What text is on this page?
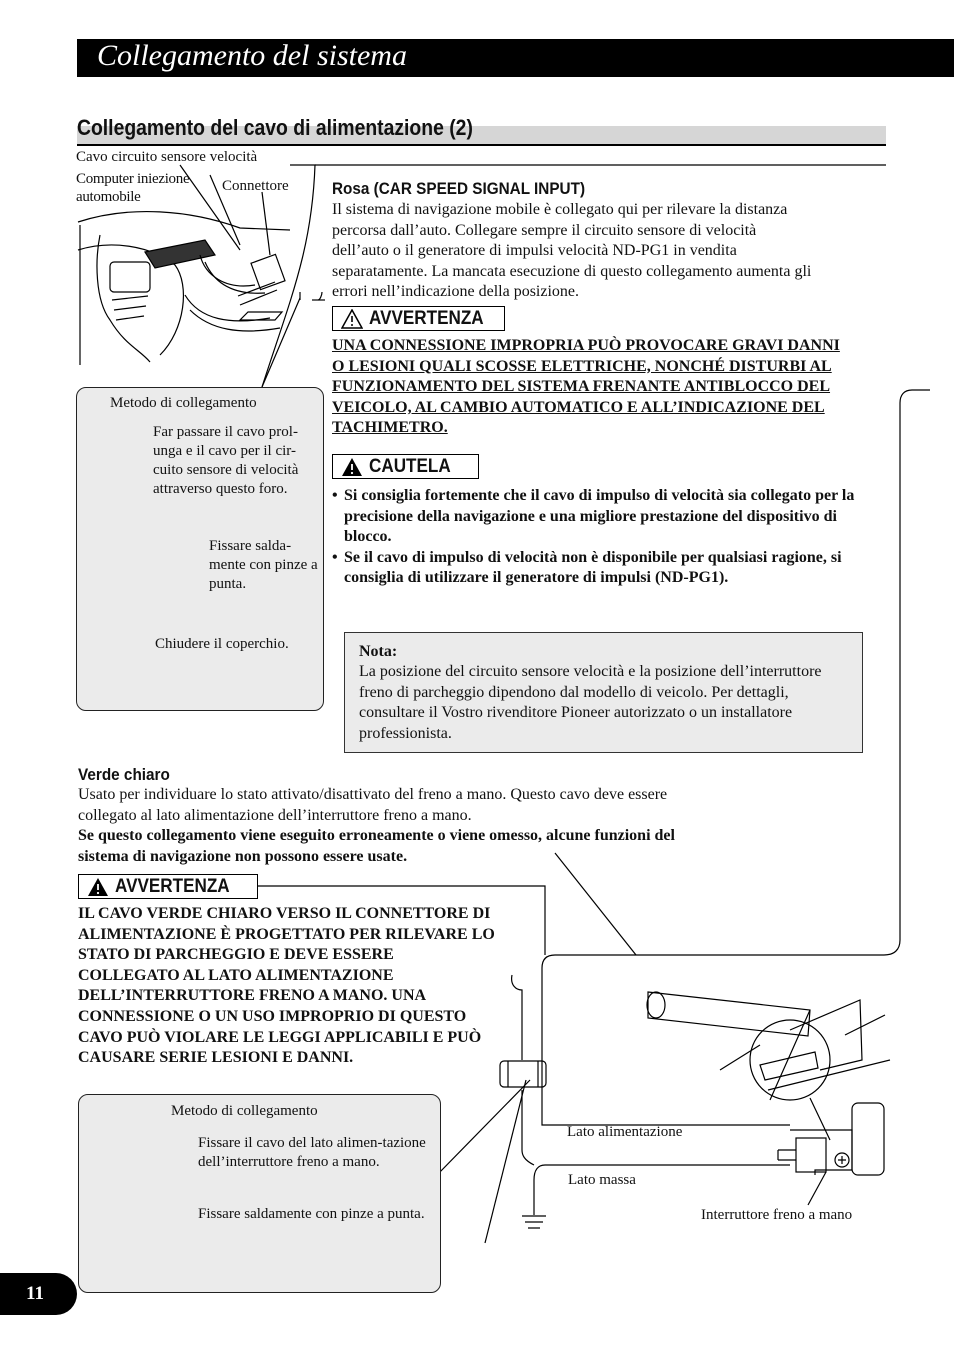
Collegamento del sistema
Collegamento del cavo di alimentazione (2)
Cavo circuito sensore velocità
Computer iniezione automobile
Connettore
Metodo di collegamento
Far passare il cavo prol-unga e il cavo per il cir-cuito sensore di velocità attraverso questo foro.
Fissare salda-mente con pinze a punta.
Chiudere il coperchio.
Rosa (CAR SPEED SIGNAL INPUT)
Il sistema di navigazione mobile è collegato qui per rilevare la distanza percorsa dall’auto. Collegare sempre il circuito sensore di velocità dell’auto o il generatore di impulsi velocità ND-PG1 in vendita separatamente. La mancata esecuzione di questo collegamento aumenta gli errori nell’indicazione della posizione.
AVVERTENZA
UNA CONNESSIONE IMPROPRIA PUÒ PROVOCARE GRAVI DANNI O LESIONI QUALI SCOSSE ELETTRICHE, NONCHÉ DISTURBI AL FUNZIONAMENTO DEL SISTEMA FRENANTE ANTIBLOCCO DEL VEICOLO, AL CAMBIO AUTOMATICO E ALL’INDICAZIONE DEL TACHIMETRO.
CAUTELA
• Si consiglia fortemente che il cavo di impulso di velocità sia collegato per la precisione della navigazione e una migliore prestazione del dispositivo di blocco.
• Se il cavo di impulso di velocità non è disponibile per qualsiasi ragione, si consiglia di utilizzare il generatore di impulsi (ND-PG1).
Nota:
La posizione del circuito sensore velocità e la posizione dell’interruttore freno di parcheggio dipendono dal modello di veicolo. Per dettagli, consultare il Vostro rivenditore Pioneer autorizzato o un installatore professionista.
Verde chiaro
Usato per individuare lo stato attivato/disattivato del freno a mano. Questo cavo deve essere collegato al lato alimentazione dell’interruttore freno a mano.
Se questo collegamento viene eseguito erroneamente o viene omesso, alcune funzioni del sistema di navigazione non possono essere usate.
AVVERTENZA
IL CAVO VERDE CHIARO VERSO IL CONNETTORE DI ALIMENTAZIONE È PROGETTATO PER RILEVARE LO STATO DI PARCHEGGIO E DEVE ESSERE COLLEGATO AL LATO ALIMENTAZIONE DELL’INTERRUTTORE FRENO A MANO. UNA CONNESSIONE O UN USO IMPROPRIO DI QUESTO CAVO PUÒ VIOLARE LE LEGGI APPLICABILI E PUÒ CAUSARE SERIE LESIONI E DANNI.
Metodo di collegamento
Fissare il cavo del lato alimen-tazione dell’interruttore freno a mano.
Fissare saldamente con pinze a punta.
Lato alimentazione
Lato massa
Interruttore freno a mano
11
